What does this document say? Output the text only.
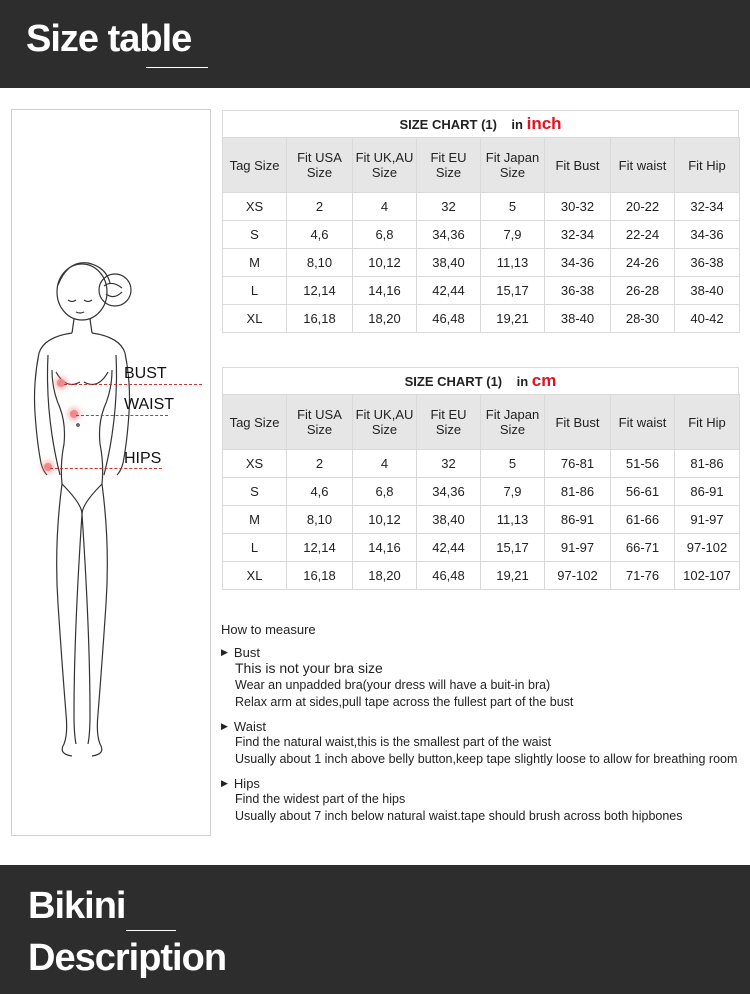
Size table
BUST
WAIST
HIPS
SIZE CHART (1) in inch
Tag Size	Fit USA Size	Fit UK,AU Size	Fit EU Size	Fit Japan Size	Fit Bust	Fit waist	Fit Hip
XS	2	4	32	5	30-32	20-22	32-34
S	4,6	6,8	34,36	7,9	32-34	22-24	34-36
M	8,10	10,12	38,40	11,13	34-36	24-26	36-38
L	12,14	14,16	42,44	15,17	36-38	26-28	38-40
XL	16,18	18,20	46,48	19,21	38-40	28-30	40-42
SIZE CHART (1) in cm
Tag Size	Fit USA Size	Fit UK,AU Size	Fit EU Size	Fit Japan Size	Fit Bust	Fit waist	Fit Hip
XS	2	4	32	5	76-81	51-56	81-86
S	4,6	6,8	34,36	7,9	81-86	56-61	86-91
M	8,10	10,12	38,40	11,13	86-91	61-66	91-97
L	12,14	14,16	42,44	15,17	91-97	66-71	97-102
XL	16,18	18,20	46,48	19,21	97-102	71-76	102-107
How to measure
▶ Bust
This is not your bra size
Wear an unpadded bra(your dress will have a buit-in bra)
Relax arm at sides,pull tape across the fullest part of the bust
▶ Waist
Find the natural waist,this is the smallest part of the waist
Usually about 1 inch above belly button,keep tape slightly loose to allow for breathing room
▶ Hips
Find the widest part of the hips
Usually about 7 inch below natural waist.tape should brush across both hipbones
Bikini
Description
